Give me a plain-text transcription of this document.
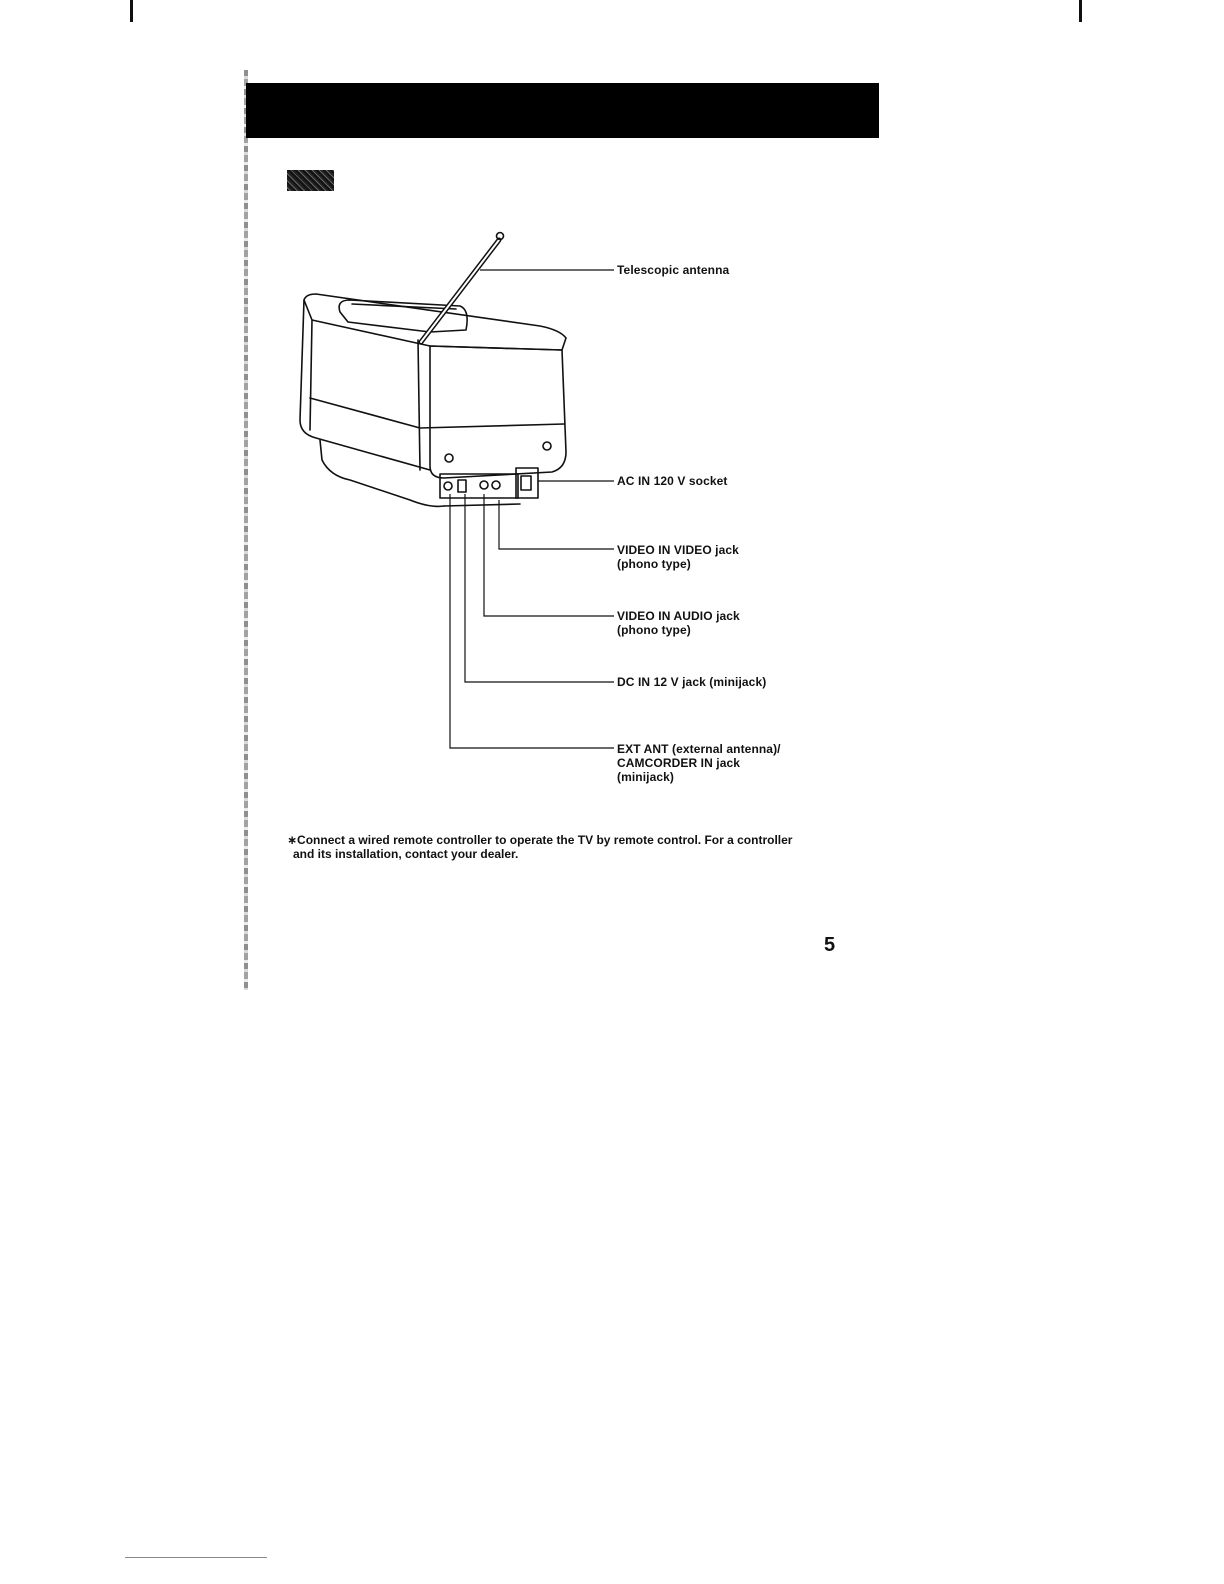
Telescopic antenna
AC IN 120 V socket
VIDEO IN VIDEO jack
(phono type)
VIDEO IN AUDIO jack
(phono type)
DC IN 12 V jack (minijack)
EXT ANT (external antenna)/
CAMCORDER IN jack
(minijack)
∗Connect a wired remote controller to operate the TV by remote control. For a controller
and its installation, contact your dealer.
5
